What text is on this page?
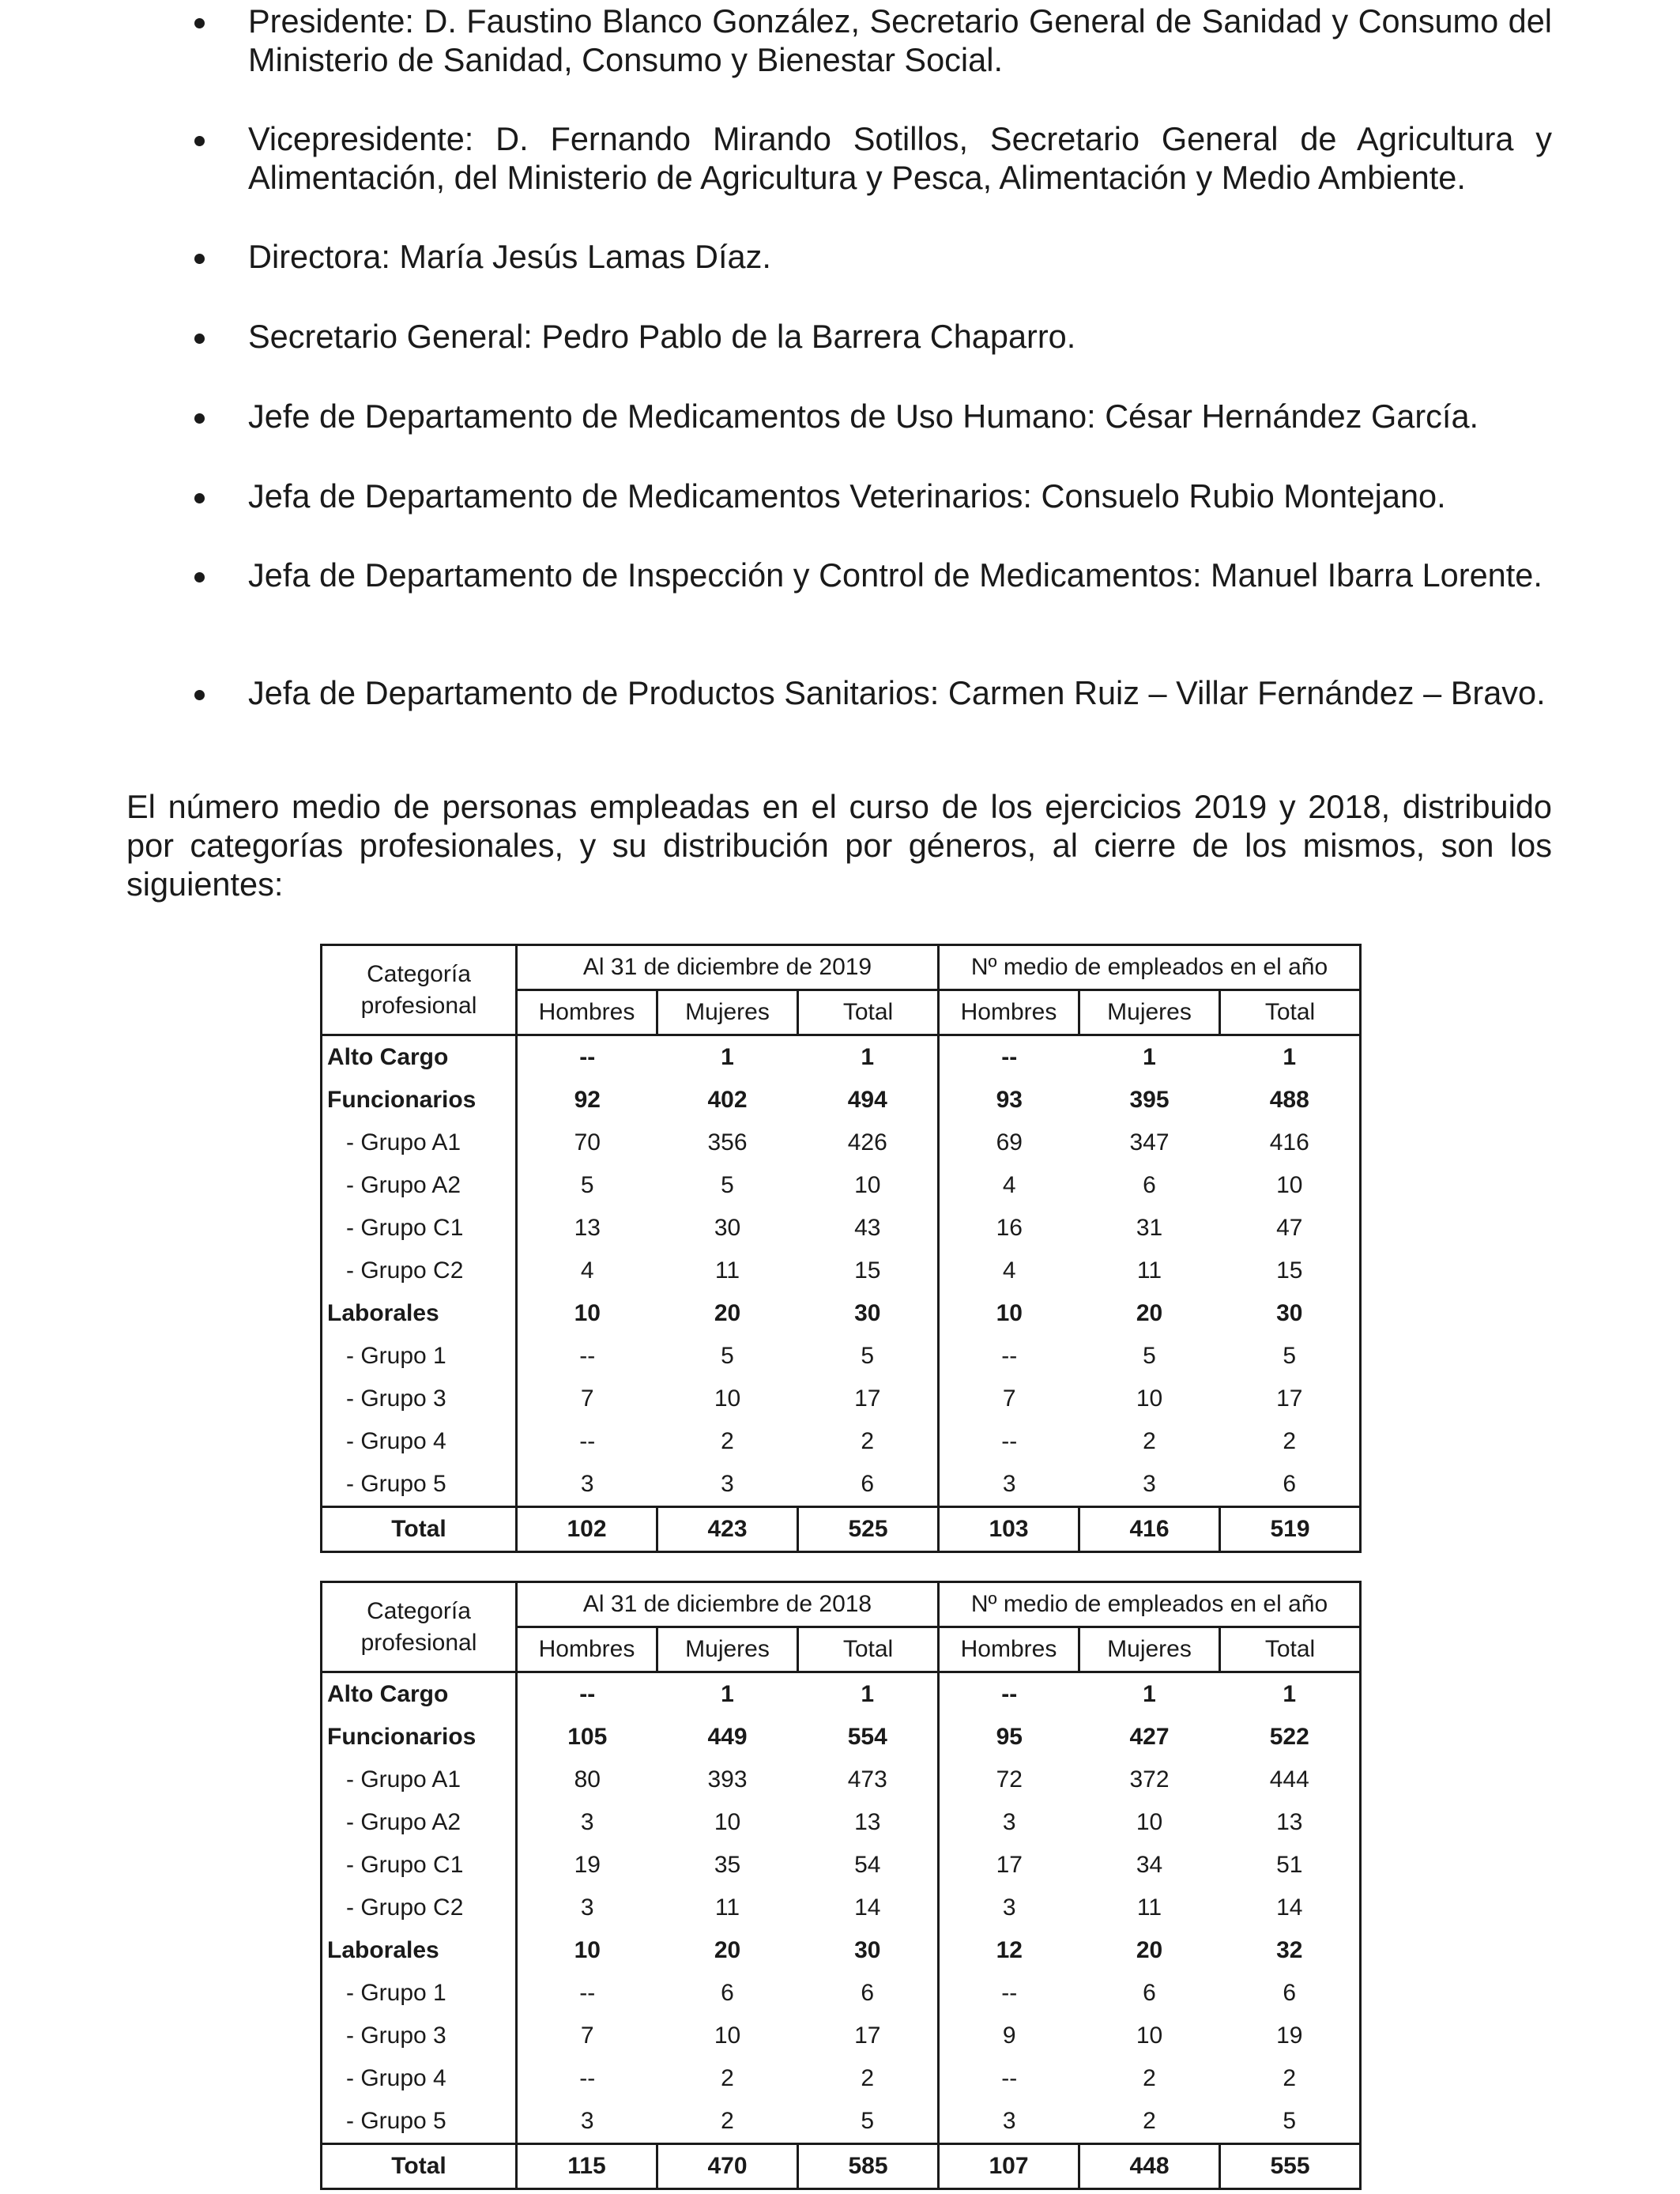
Presidente: D. Faustino Blanco González, Secretario General de Sanidad y Consumo del Ministerio de Sanidad, Consumo y Bienestar Social.
Vicepresidente: D. Fernando Mirando Sotillos, Secretario General de Agricultura y Alimentación, del Ministerio de Agricultura y Pesca, Alimentación y Medio Ambiente.
Directora: María Jesús Lamas Díaz.
Secretario General: Pedro Pablo de la Barrera Chaparro.
Jefe de Departamento de Medicamentos de Uso Humano: César Hernández García.
Jefa de Departamento de Medicamentos Veterinarios: Consuelo Rubio Montejano.
Jefa de Departamento de Inspección y Control de Medicamentos: Manuel Ibarra Lorente.
Jefa de Departamento de Productos Sanitarios: Carmen Ruiz – Villar Fernández – Bravo.
El número medio de personas empleadas en el curso de los ejercicios 2019 y 2018, distribuido por categorías profesionales, y su distribución por géneros, al cierre de los mismos, son los siguientes:
Categoría profesional	Al 31 de diciembre de 2019			Nº medio de empleados en el año		
	Hombres	Mujeres	Total	Hombres	Mujeres	Total
Alto Cargo	--	1	1	--	1	1
Funcionarios	92	402	494	93	395	488
- Grupo A1	70	356	426	69	347	416
- Grupo A2	5	5	10	4	6	10
- Grupo C1	13	30	43	16	31	47
- Grupo C2	4	11	15	4	11	15
Laborales	10	20	30	10	20	30
- Grupo 1	--	5	5	--	5	5
- Grupo 3	7	10	17	7	10	17
- Grupo 4	--	2	2	--	2	2
- Grupo 5	3	3	6	3	3	6
Total	102	423	525	103	416	519
Categoría profesional	Al 31 de diciembre de 2018			Nº medio de empleados en el año		
	Hombres	Mujeres	Total	Hombres	Mujeres	Total
Alto Cargo	--	1	1	--	1	1
Funcionarios	105	449	554	95	427	522
- Grupo A1	80	393	473	72	372	444
- Grupo A2	3	10	13	3	10	13
- Grupo C1	19	35	54	17	34	51
- Grupo C2	3	11	14	3	11	14
Laborales	10	20	30	12	20	32
- Grupo 1	--	6	6	--	6	6
- Grupo 3	7	10	17	9	10	19
- Grupo 4	--	2	2	--	2	2
- Grupo 5	3	2	5	3	2	5
Total	115	470	585	107	448	555
